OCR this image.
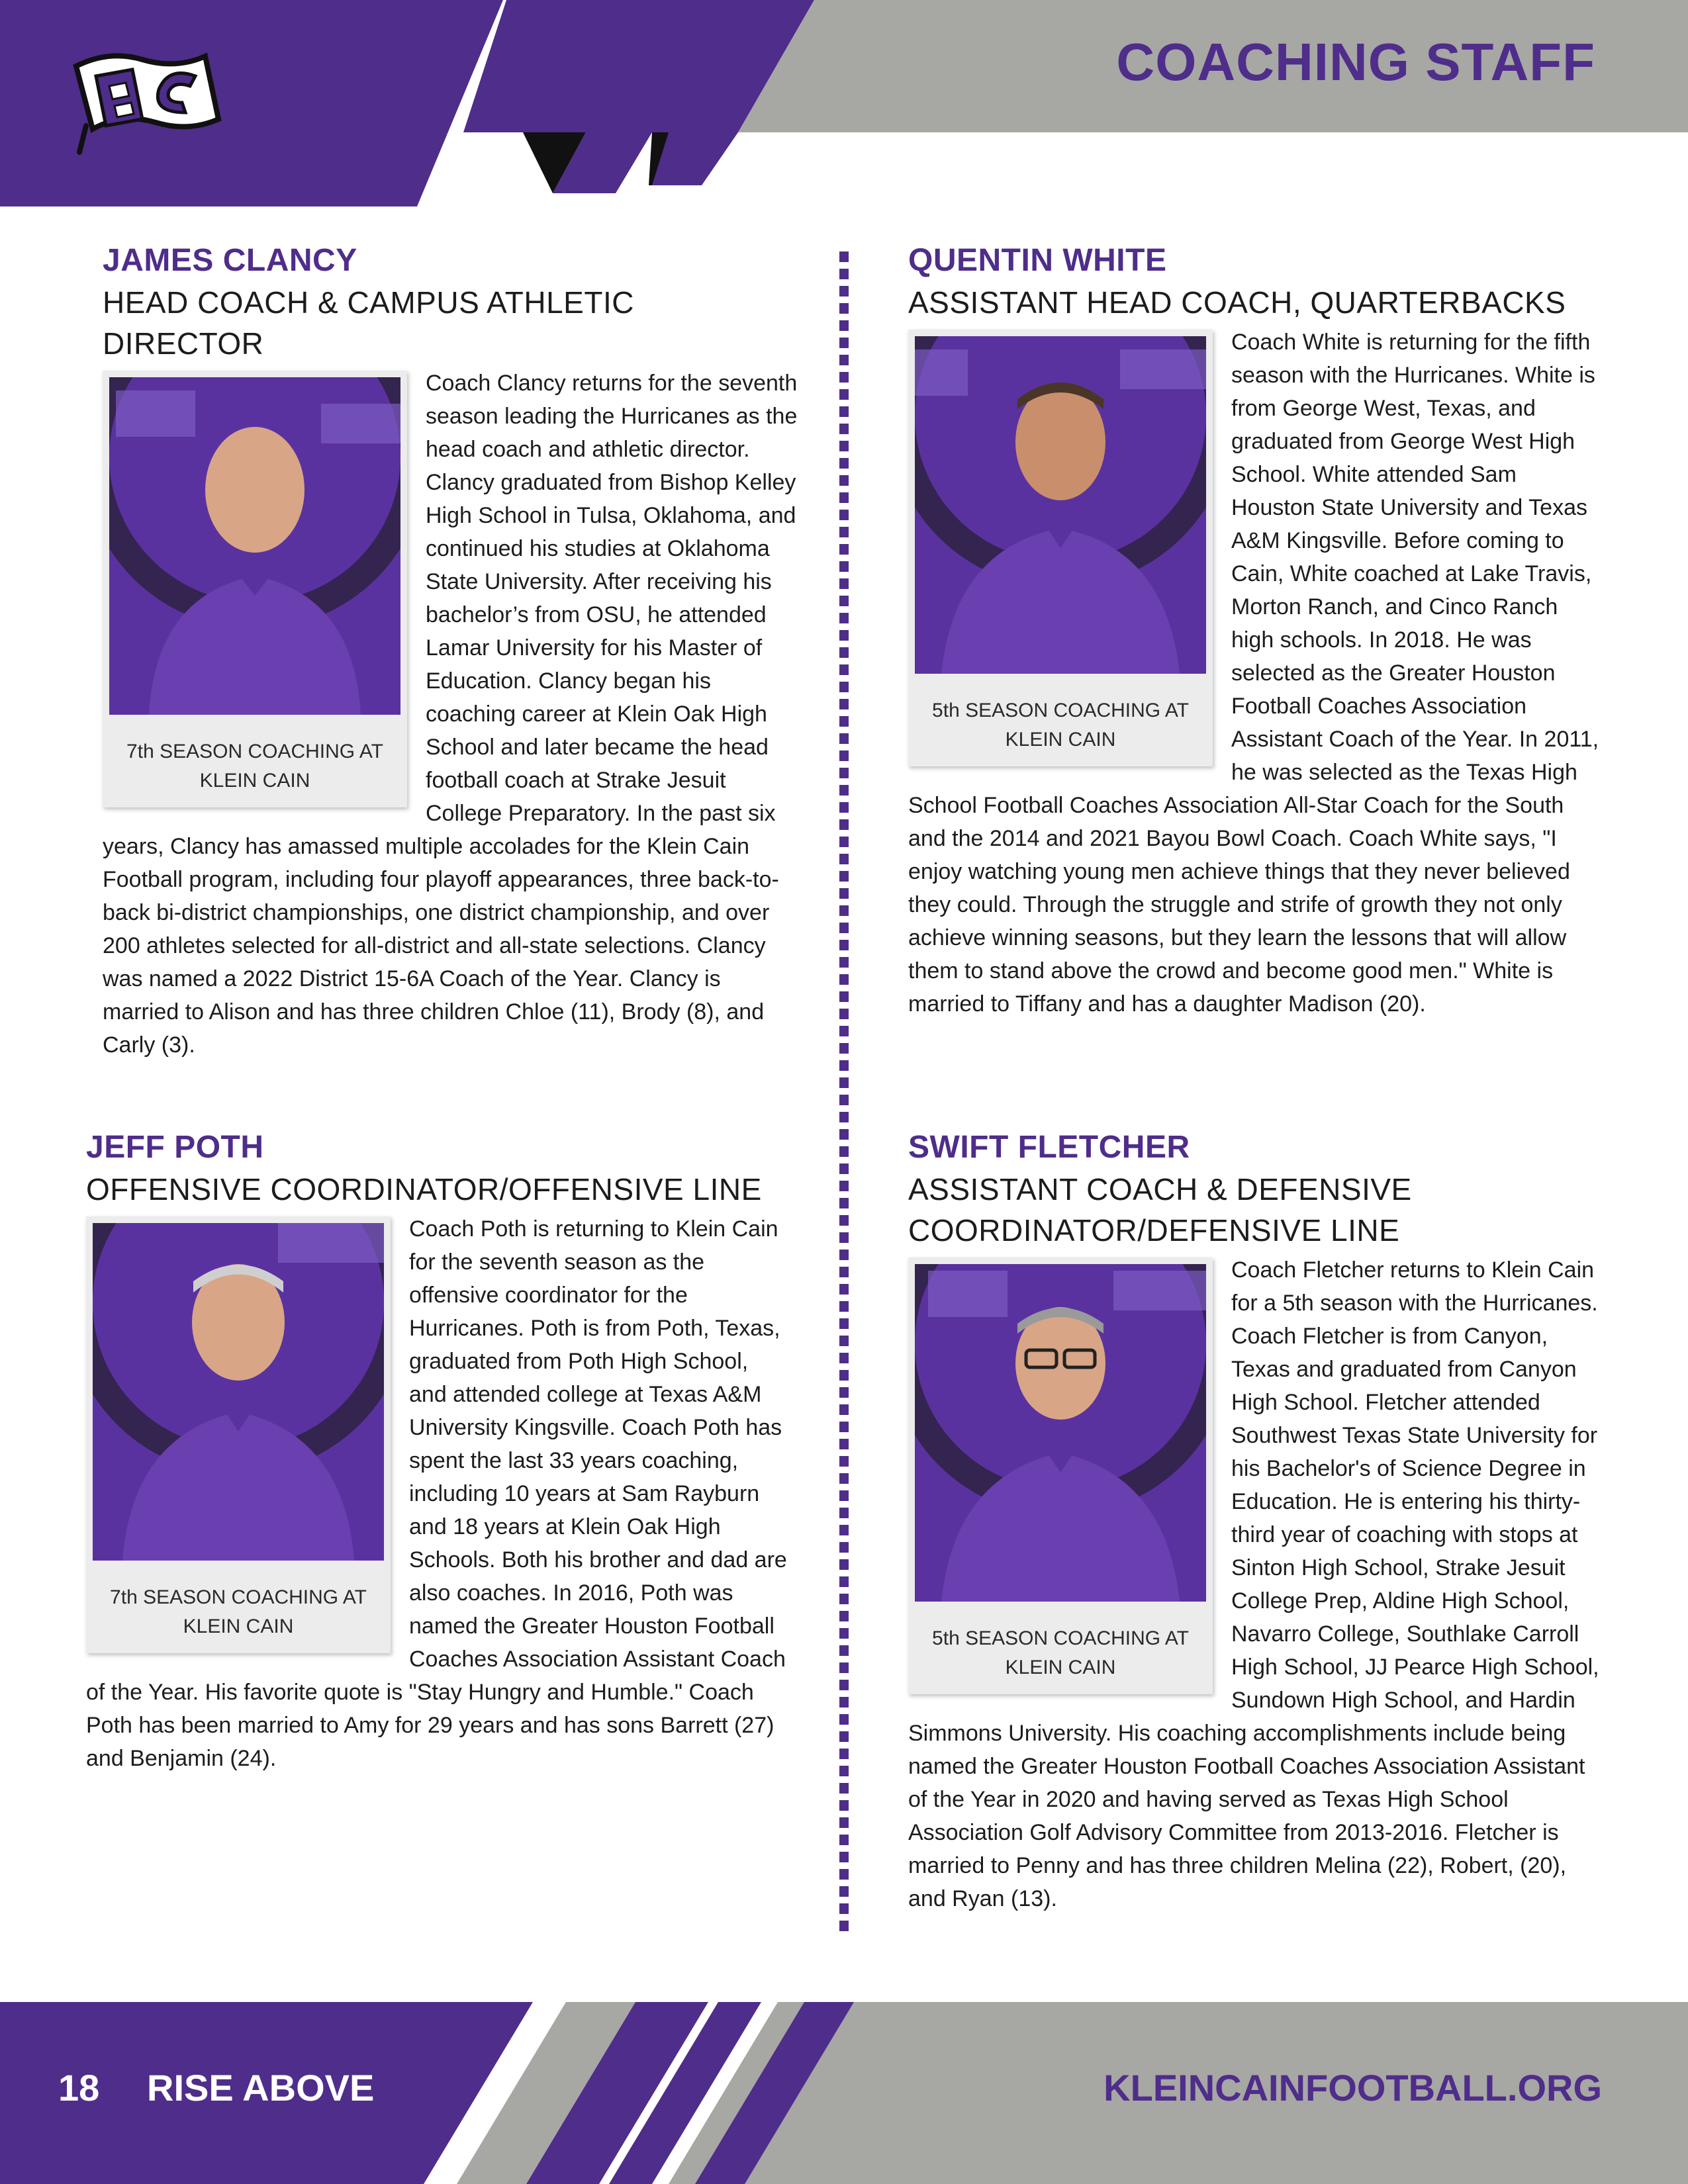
COACHING STAFF
JAMES CLANCY
HEAD COACH & CAMPUS ATHLETIC DIRECTOR
7th SEASON COACHING AT KLEIN CAIN

Coach Clancy returns for the seventh season leading the Hurricanes as the head coach and athletic director. Clancy graduated from Bishop Kelley High School in Tulsa, Oklahoma, and continued his studies at Oklahoma State University. After receiving his bachelor’s from OSU, he attended Lamar University for his Master of Education. Clancy began his coaching career at Klein Oak High School and later became the head football coach at Strake Jesuit College Preparatory. In the past six years, Clancy has amassed multiple accolades for the Klein Cain Football program, including four playoff appearances, three back-to-back bi-district championships, one district championship, and over 200 athletes selected for all-district and all-state selections. Clancy was named a 2022 District 15-6A Coach of the Year. Clancy is married to Alison and has three children Chloe (11), Brody (8), and Carly (3).

QUENTIN WHITE
ASSISTANT HEAD COACH, QUARTERBACKS
5th SEASON COACHING AT KLEIN CAIN

Coach White is returning for the fifth season with the Hurricanes. White is from George West, Texas, and graduated from George West High School. White attended Sam Houston State University and Texas A&M Kingsville. Before coming to Cain, White coached at Lake Travis, Morton Ranch, and Cinco Ranch high schools. In 2018. He was selected as the Greater Houston Football Coaches Association Assistant Coach of the Year. In 2011, he was selected as the Texas High School Football Coaches Association All-Star Coach for the South and the 2014 and 2021 Bayou Bowl Coach. Coach White says, "I enjoy watching young men achieve things that they never believed they could. Through the struggle and strife of growth they not only achieve winning seasons, but they learn the lessons that will allow them to stand above the crowd and become good men." White is married to Tiffany and has a daughter Madison (20).

JEFF POTH
OFFENSIVE COORDINATOR/OFFENSIVE LINE
7th SEASON COACHING AT KLEIN CAIN

Coach Poth is returning to Klein Cain for the seventh season as the offensive coordinator for the Hurricanes. Poth is from Poth, Texas, graduated from Poth High School, and attended college at Texas A&M University Kingsville. Coach Poth has spent the last 33 years coaching, including 10 years at Sam Rayburn and 18 years at Klein Oak High Schools. Both his brother and dad are also coaches. In 2016, Poth was named the Greater Houston Football Coaches Association Assistant Coach of the Year. His favorite quote is "Stay Hungry and Humble." Coach Poth has been married to Amy for 29 years and has sons Barrett (27) and Benjamin (24).

SWIFT FLETCHER
ASSISTANT COACH & DEFENSIVE COORDINATOR/DEFENSIVE LINE
5th SEASON COACHING AT KLEIN CAIN

Coach Fletcher returns to Klein Cain for a 5th season with the Hurricanes. Coach Fletcher is from Canyon, Texas and graduated from Canyon High School. Fletcher attended Southwest Texas State University for his Bachelor's of Science Degree in Education. He is entering his thirty-third year of coaching with stops at Sinton High School, Strake Jesuit College Prep, Aldine High School, Navarro College, Southlake Carroll High School, JJ Pearce High School, Sundown High School, and Hardin Simmons University. His coaching accomplishments include being named the Greater Houston Football Coaches Association Assistant of the Year in 2020 and having served as Texas High School Association Golf Advisory Committee from 2013-2016. Fletcher is married to Penny and has three children Melina (22), Robert, (20), and Ryan (13).

18 RISE ABOVE	KLEINCAINFOOTBALL.ORG
